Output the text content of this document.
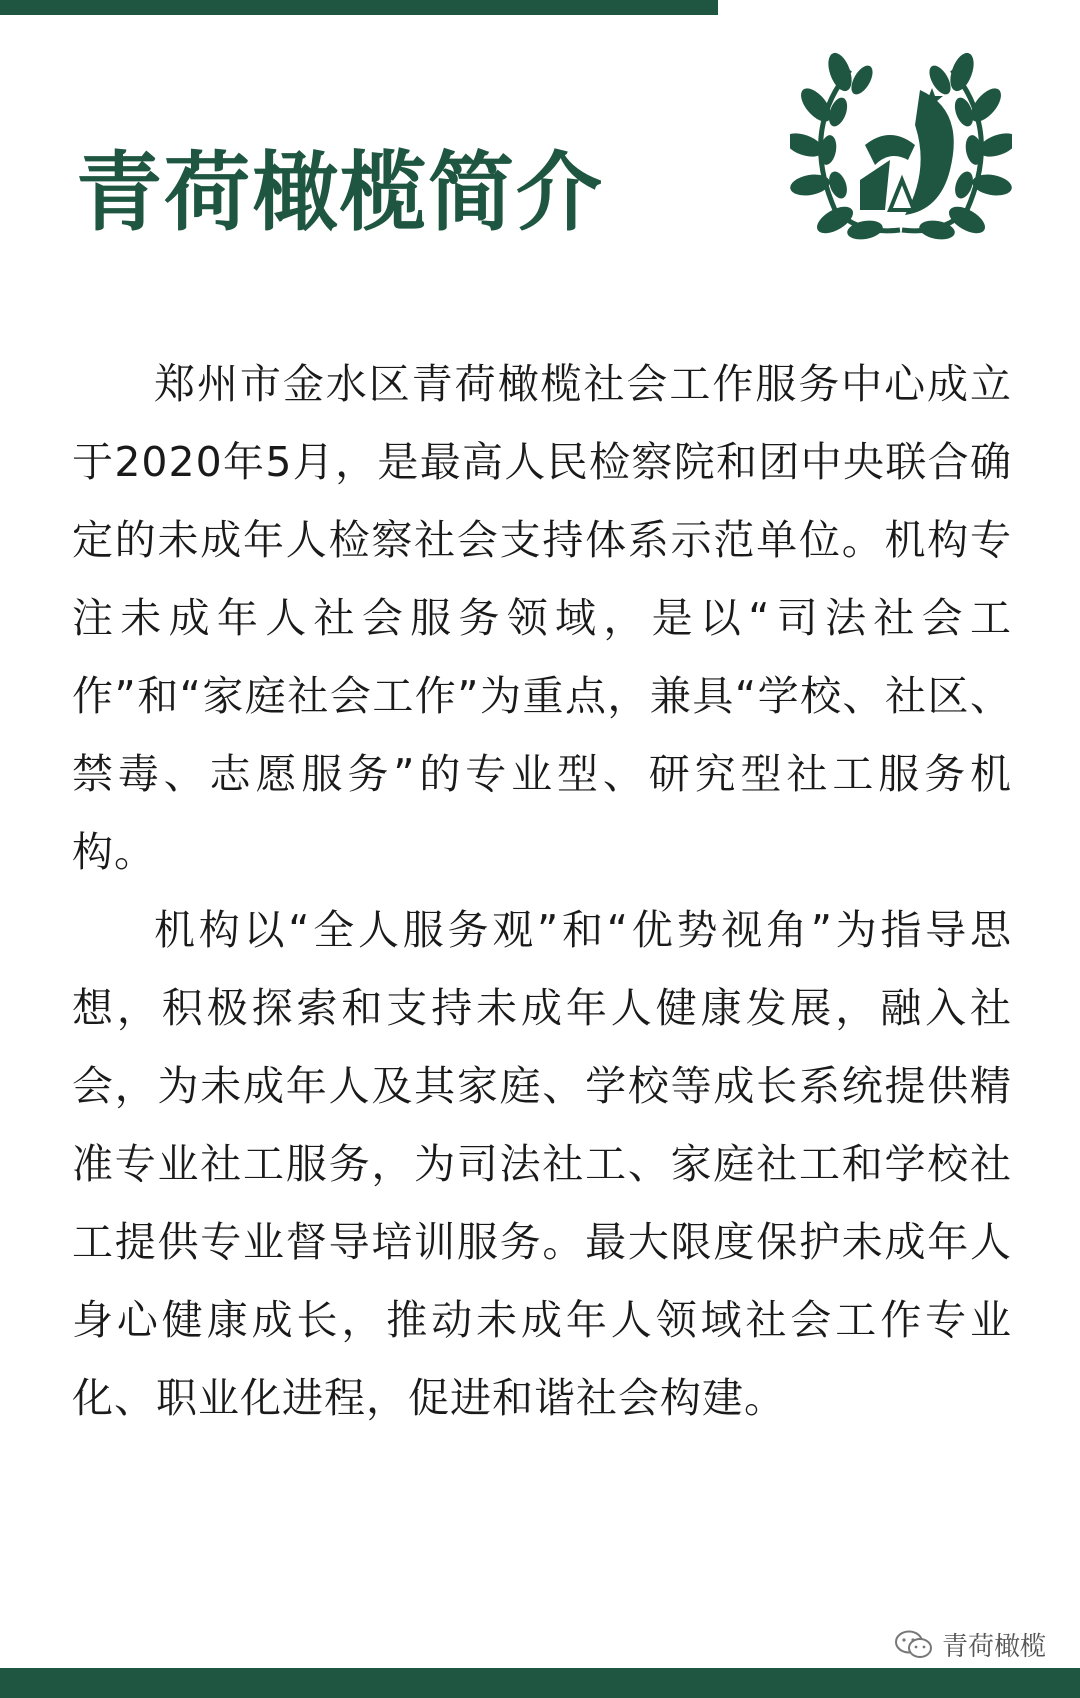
青荷橄榄简介

郑州市金水区青荷橄榄社会工作服务中心成立于2020年5月，是最高人民检察院和团中央联合确定的未成年人检察社会支持体系示范单位。机构专注未成年人社会服务领域，是以“司法社会工作”和“家庭社会工作”为重点，兼具“学校、社区、禁毒、志愿服务”的专业型、研究型社工服务机构。

机构以“全人服务观”和“优势视角”为指导思想，积极探索和支持未成年人健康发展，融入社会，为未成年人及其家庭、学校等成长系统提供精准专业社工服务，为司法社工、家庭社工和学校社工提供专业督导培训服务。最大限度保护未成年人身心健康成长，推动未成年人领域社会工作专业化、职业化进程，促进和谐社会构建。

青荷橄榄
